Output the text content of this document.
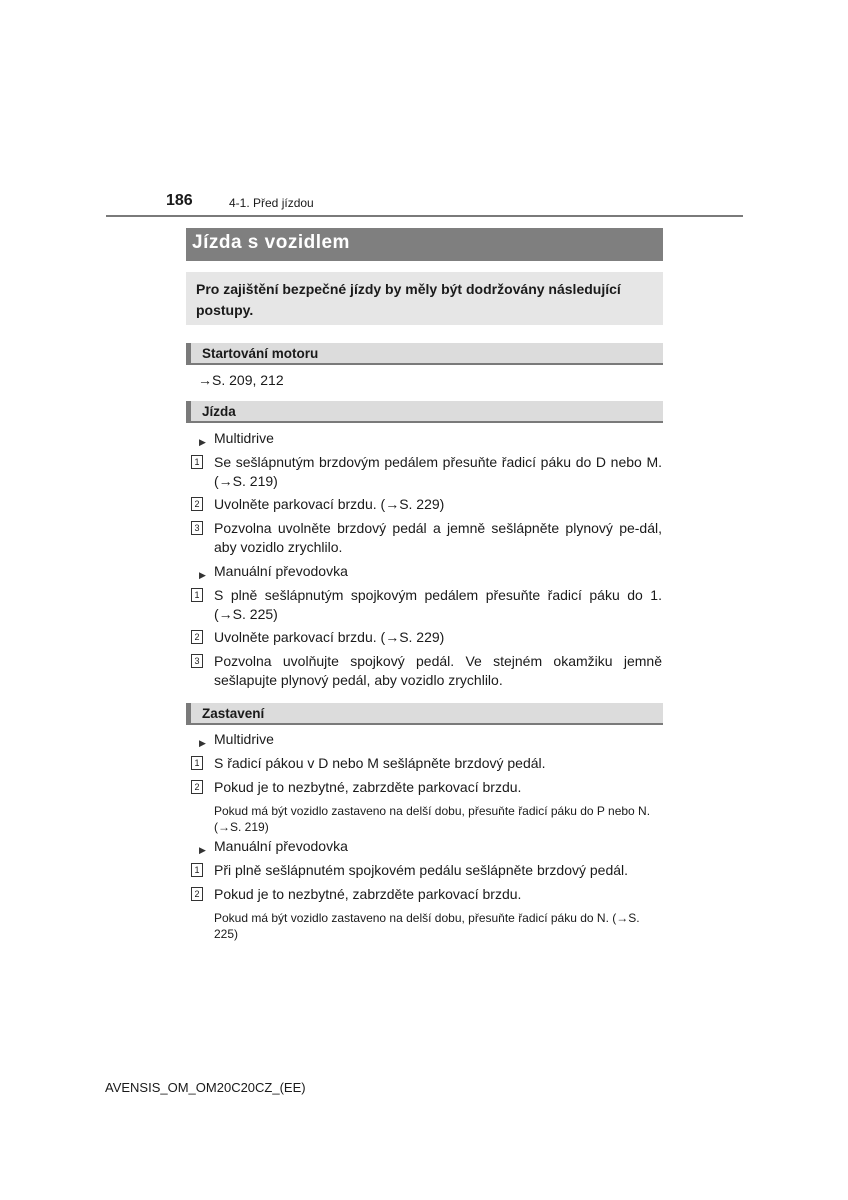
186	4-1. Před jízdou
Jízda s vozidlem
Pro zajištění bezpečné jízdy by měly být dodržovány následující postupy.
Startování motoru
→S. 209, 212
Jízda
▶ Multidrive
1 Se sešlápnutým brzdovým pedálem přesuňte řadicí páku do D nebo M. (→S. 219)
2 Uvolněte parkovací brzdu. (→S. 229)
3 Pozvolna uvolněte brzdový pedál a jemně sešlápněte plynový pe-dál, aby vozidlo zrychlilo.
▶ Manuální převodovka
1 S plně sešlápnutým spojkovým pedálem přesuňte řadicí páku do 1. (→S. 225)
2 Uvolněte parkovací brzdu. (→S. 229)
3 Pozvolna uvolňujte spojkový pedál. Ve stejném okamžiku jemně sešlapujte plynový pedál, aby vozidlo zrychlilo.
Zastavení
▶ Multidrive
1 S řadicí pákou v D nebo M sešlápněte brzdový pedál.
2 Pokud je to nezbytné, zabrzděte parkovací brzdu.
Pokud má být vozidlo zastaveno na delší dobu, přesuňte řadicí páku do P nebo N. (→S. 219)
▶ Manuální převodovka
1 Při plně sešlápnutém spojkovém pedálu sešlápněte brzdový pedál.
2 Pokud je to nezbytné, zabrzděte parkovací brzdu.
Pokud má být vozidlo zastaveno na delší dobu, přesuňte řadicí páku do N. (→S. 225)
AVENSIS_OM_OM20C20CZ_(EE)
